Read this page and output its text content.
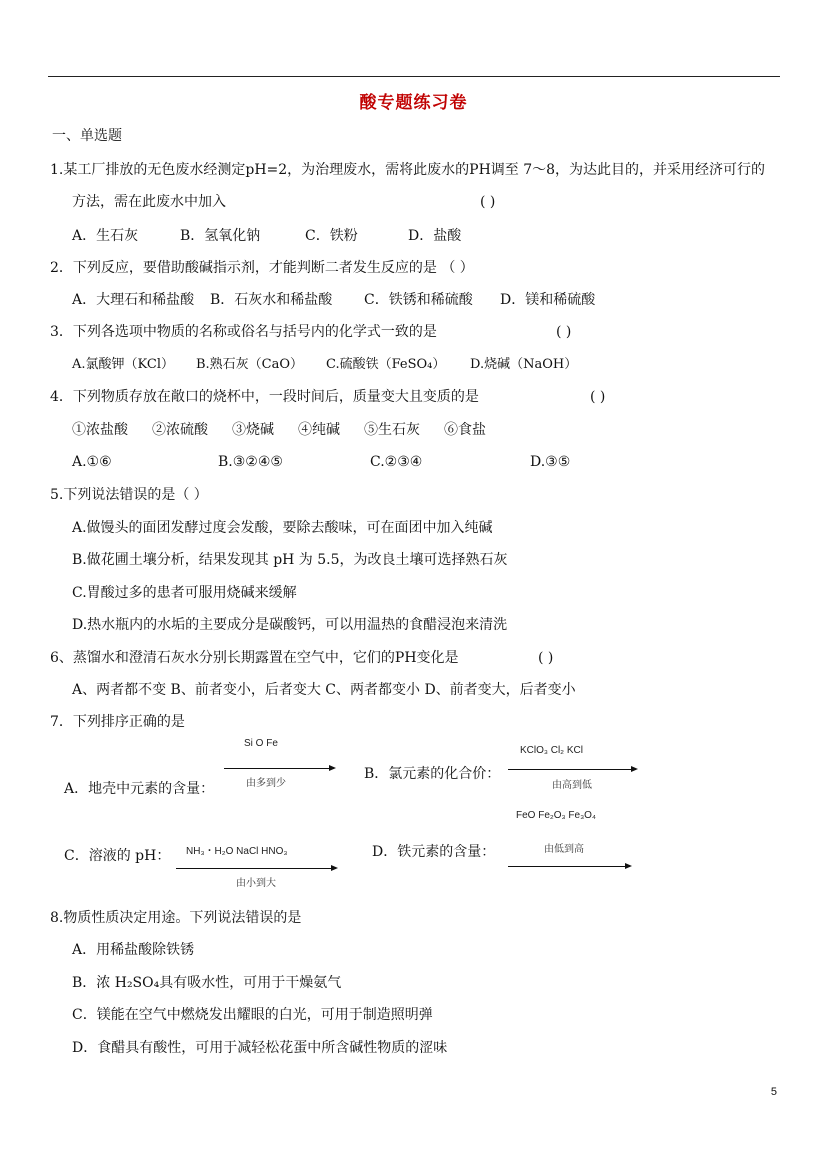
酸专题练习卷
一、单选题
1.某工厂排放的无色废水经测定pH=2，为治理废水，需将此废水的PH调至 7～8，为达此目的，并采用经济可行的
方法，需在此废水中加入	( )
A．生石灰	B．氢氧化钠	C．铁粉	D．盐酸
2．下列反应，要借助酸碱指示剂，才能判断二者发生反应的是 （ ）
A．大理石和稀盐酸 B．石灰水和稀盐酸 C．铁锈和稀硫酸 D．镁和稀硫酸
3．下列各选项中物质的名称或俗名与括号内的化学式一致的是	( )
A.氯酸钾（KCl） B.熟石灰（CaO） C.硫酸铁（FeSO₄） D.烧碱（NaOH）
4．下列物质存放在敞口的烧杯中，一段时间后，质量变大且变质的是	( )
①浓盐酸 ②浓硫酸 ③烧碱 ④纯碱 ⑤生石灰 ⑥食盐
A.①⑥	B.③②④⑤	C.②③④	D.③⑤
5.下列说法错误的是（ ）
A.做馒头的面团发酵过度会发酸，要除去酸味，可在面团中加入纯碱
B.做花圃土壤分析，结果发现其 pH 为 5.5，为改良土壤可选择熟石灰
C.胃酸过多的患者可服用烧碱来缓解
D.热水瓶内的水垢的主要成分是碳酸钙，可以用温热的食醋浸泡来清洗
6、蒸馏水和澄清石灰水分别长期露置在空气中，它们的PH变化是	( )
A、两者都不变 B、前者变小，后者变大 C、两者都变小 D、前者变大，后者变小
7．下列排序正确的是
Si O Fe
由多到少
A．地壳中元素的含量：
B．氯元素的化合价：
KClO₃ Cl₂ KCl
由高到低
FeO Fe₂O₃ Fe₃O₄
由低到高
D．铁元素的含量：
NH₃・H₂O NaCl HNO₃
C．溶液的 pH：
由小到大
8.物质性质决定用途。下列说法错误的是
A．用稀盐酸除铁锈
B．浓 H₂SO₄具有吸水性，可用于干燥氨气
C．镁能在空气中燃烧发出耀眼的白光，可用于制造照明弹
D．食醋具有酸性，可用于减轻松花蛋中所含碱性物质的涩味
5
